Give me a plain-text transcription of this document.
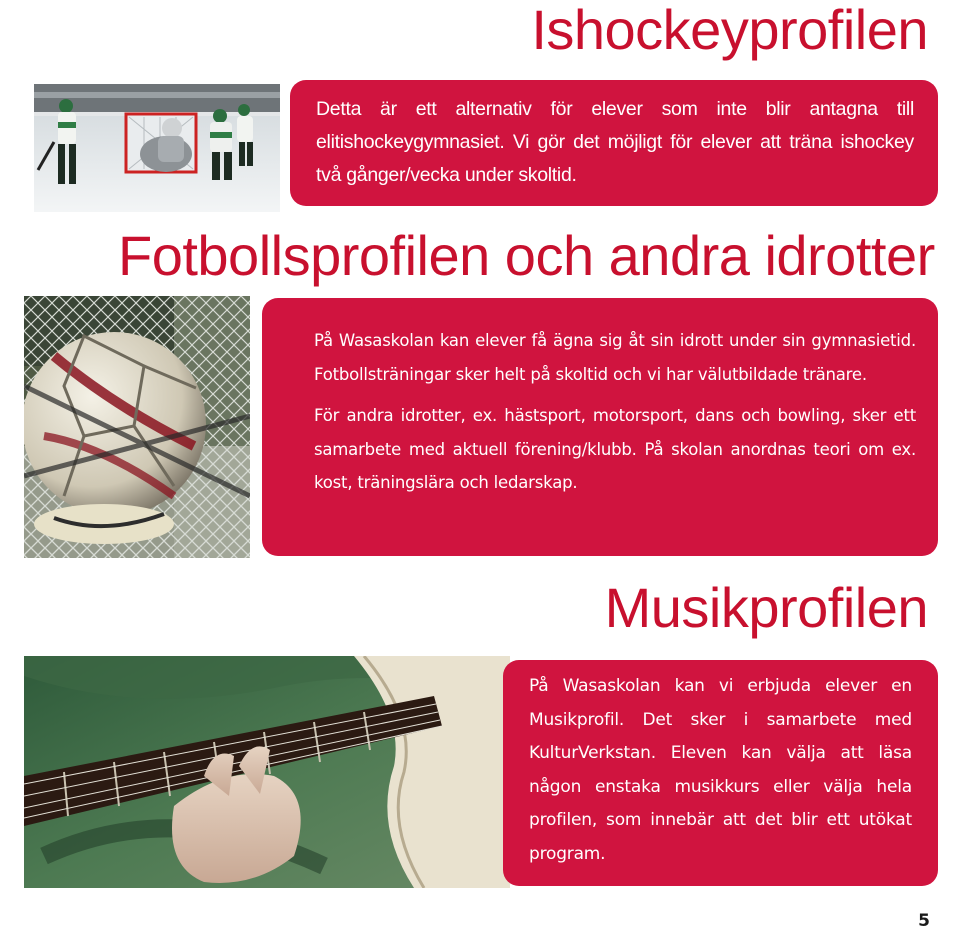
Ishockeyprofilen
Fotbollsprofilen och andra idrotter
Musikprofilen

Detta är ett alternativ för elever som inte blir antagna till elitishockeygymnasiet. Vi gör det möjligt för elever att träna ishockey två gånger/vecka under skoltid.

På Wasaskolan kan elever få ägna sig åt sin idrott under sin gymnasietid. Fotbollsträningar sker helt på skoltid och vi har välutbildade tränare.

För andra idrotter, ex. hästsport, motorsport, dans och bowling, sker ett samarbete med aktuell förening/klubb. På skolan anordnas teori om ex. kost, träningslära och ledarskap.

På Wasaskolan kan vi erbjuda elever en Musikprofil. Det sker i samarbete med KulturVerkstan. Eleven kan välja att läsa någon enstaka musikkurs eller välja hela profilen, som innebär att det blir ett utökat program.

5
